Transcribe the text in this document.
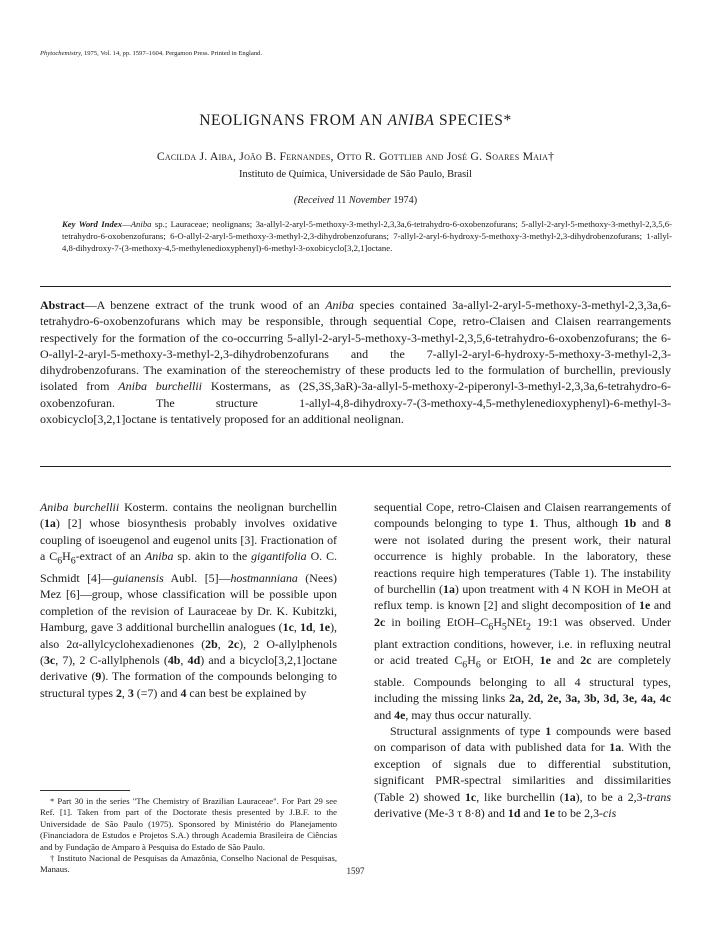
Phytochemistry, 1975, Vol. 14, pp. 1597–1604. Pergamon Press. Printed in England.
NEOLIGNANS FROM AN ANIBA SPECIES*
Cacilda J. Aiba, João B. Fernandes, Otto R. Gottlieb and José G. Soares Maia†
Instituto de Química, Universidade de São Paulo, Brasil
(Received 11 November 1974)

Key Word Index—Aniba sp.; Lauraceae; neolignans; 3a-allyl-2-aryl-5-methoxy-3-methyl-2,3,3a,6-tetrahydro-6-oxobenzofurans; 5-allyl-2-aryl-5-methoxy-3-methyl-2,3,5,6-tetrahydro-6-oxobenzofurans; 6-O-allyl-2-aryl-5-methoxy-3-methyl-2,3-dihydrobenzofurans; 7-allyl-2-aryl-6-hydroxy-5-methoxy-3-methyl-2,3-dihydrobenzofurans; 1-allyl-4,8-dihydroxy-7-(3-methoxy-4,5-methylenedioxyphenyl)-6-methyl-3-oxobicyclo[3,2,1]octane.

Abstract—A benzene extract of the trunk wood of an Aniba species contained 3a-allyl-2-aryl-5-methoxy-3-methyl-2,3,3a,6-tetrahydro-6-oxobenzofurans which may be responsible, through sequential Cope, retro-Claisen and Claisen rearrangements respectively for the formation of the co-occurring 5-allyl-2-aryl-5-methoxy-3-methyl-2,3,5,6-tetrahydro-6-oxobenzofurans; the 6-O-allyl-2-aryl-5-methoxy-3-methyl-2,3-dihydrobenzofurans and the 7-allyl-2-aryl-6-hydroxy-5-methoxy-3-methyl-2,3-dihydrobenzofurans. The examination of the stereochemistry of these products led to the formulation of burchellin, previously isolated from Aniba burchellii Kostermans, as (2S,3S,3aR)-3a-allyl-5-methoxy-2-piperonyl-3-methyl-2,3,3a,6-tetrahydro-6-oxobenzofuran. The structure 1-allyl-4,8-dihydroxy-7-(3-methoxy-4,5-methylenedioxyphenyl)-6-methyl-3-oxobicyclo[3,2,1]octane is tentatively proposed for an additional neolignan.

Aniba burchellii Kosterm. contains the neolignan burchellin (1a) [2] whose biosynthesis probably involves oxidative coupling of isoeugenol and eugenol units [3]. Fractionation of a $C_6H_6$-extract of an Aniba sp. akin to the gigantifolia O. C. Schmidt [4]—guianensis Aubl. [5]—hostmanniana (Nees) Mez [6]—group, whose classification will be possible upon completion of the revision of Lauraceae by Dr. K. Kubitzki, Hamburg, gave 3 additional burchellin analogues (1c, 1d, 1e), also 2α-allylcyclohexadienones (2b, 2c), 2 O-allylphenols (3c, 7), 2 C-allylphenols (4b, 4d) and a bicyclo[3,2,1]octane derivative (9). The formation of the compounds belonging to structural types 2, 3 (=7) and 4 can best be explained by

* Part 30 in the series "The Chemistry of Brazilian Lauraceae". For Part 29 see Ref. [1]. Taken from part of the Doctorate thesis presented by J.B.F. to the Universidade de São Paulo (1975). Sponsored by Ministério do Planejamento (Financiadora de Estudos e Projetos S.A.) through Academia Brasileira de Ciências and by Fundação de Amparo à Pesquisa do Estado de São Paulo.

† Instituto Nacional de Pesquisas da Amazônia, Conselho Nacional de Pesquisas, Manaus.

sequential Cope, retro-Claisen and Claisen rearrangements of compounds belonging to type 1. Thus, although 1b and 8 were not isolated during the present work, their natural occurrence is highly probable. In the laboratory, these reactions require high temperatures (Table 1). The instability of burchellin (1a) upon treatment with 4 N KOH in MeOH at reflux temp. is known [2] and slight decomposition of 1e and 2c in boiling EtOH–$C_6H_5NEt_2$ 19:1 was observed. Under plant extraction conditions, however, i.e. in refluxing neutral or acid treated $C_6H_6$ or EtOH, 1e and 2c are completely stable. Compounds belonging to all 4 structural types, including the missing links 2a, 2d, 2e, 3a, 3b, 3d, 3e, 4a, 4c and 4e, may thus occur naturally.

Structural assignments of type 1 compounds were based on comparison of data with published data for 1a. With the exception of signals due to differential substitution, significant PMR-spectral similarities and dissimilarities (Table 2) showed 1c, like burchellin (1a), to be a 2,3-trans derivative (Me-3 τ 8·8) and 1d and 1e to be 2,3-cis

1597
